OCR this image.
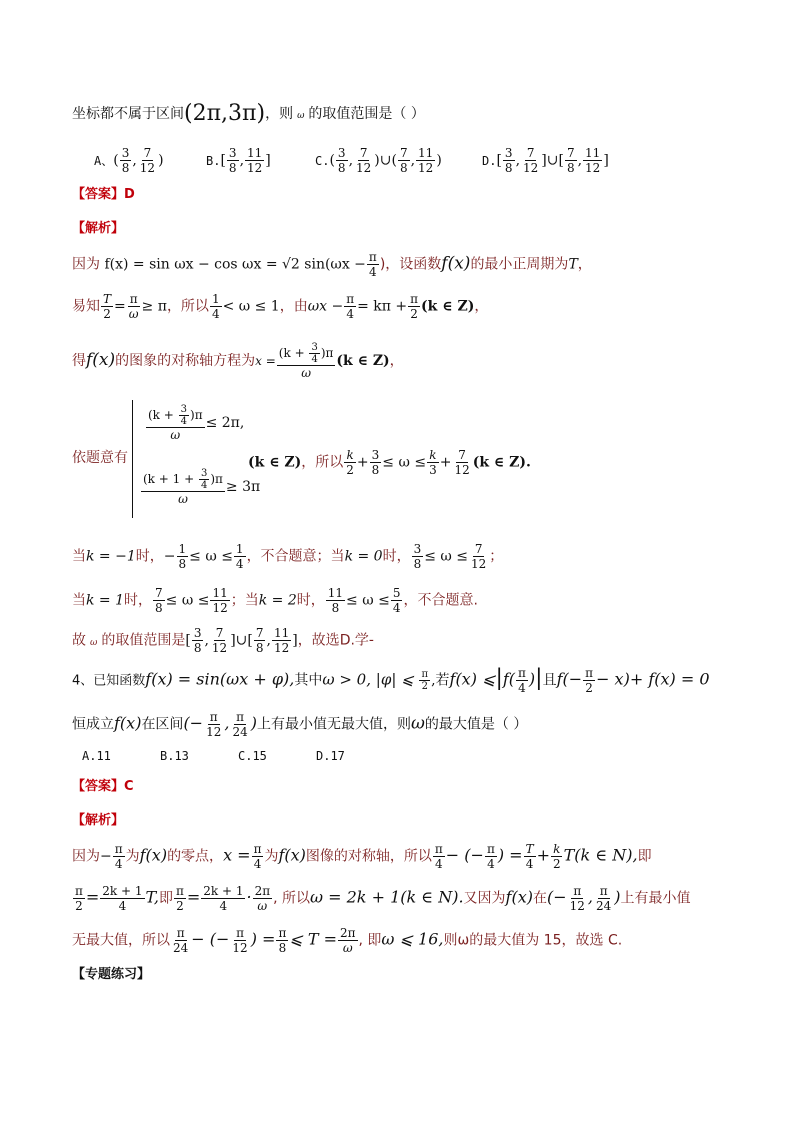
坐标都不属于区间(2π,3π)，则 ω 的取值范围是（ ）
A、( $\frac{3}{8}$ , $\frac{7}{12}$ )	$B.[ \frac{3}{8}$ , $\frac{11}{12}$ ]	$C.( \frac{3}{8}$ , $\frac{7}{12}$ )∪( $\frac{7}{8}$ , $\frac{11}{12}$ )	$D.[ \frac{3}{8}$ , $\frac{7}{12}$ ]∪[ $\frac{7}{8}$ , $\frac{11}{12}$ ]
【答案】D
【解析】
因为 f(x) = sin ωx − cos ωx = √2 $\sin(\omega x - \frac{\pi}{4}$ )，设函数f(x)的最小正周期为T，
易知 $\frac{T}{2} = \frac{\pi}{\omega} \ge \pi$，所以 $\frac{1}{4} < \omega \le 1$，由$\omega x - \frac{\pi}{4} = k\pi + \frac{\pi}{2} (k$ ∈ Z)，
得f(x)的图象的对称轴方程为$x = \frac{(k + \frac{3}{4} )\pi}{\omega} (k$ ∈ Z)，
$\frac{(k + \frac{3}{4} )\pi}{\omega} \le 2\pi$,
$\frac{(k + 1 + \frac{3}{4} )\pi}{\omega} \ge 3\pi$
依题意有	(k ∈ Z)，所以 $\frac{k}{2} + \frac{3}{8} \le \omega \le \frac{k}{3} + \frac{7}{12} (k$ ∈ Z).
当k = −1时，− $\frac{1}{8} \le \omega \le \frac{1}{4}$ ，不合题意；当k = 0时， $\frac{3}{8} \le \omega \le \frac{7}{12}$ ；
当k = 1时， $\frac{7}{8} \le \omega \le \frac{11}{12}$ ；当k = 2时， $\frac{11}{8} \le \omega \le \frac{5}{4}$ ，不合题意.
故ω 的取值范围是[ $\frac{3}{8}$ , $\frac{7}{12}$ ]∪[ $\frac{7}{8}$ , $\frac{11}{12}$ ]，故选D.学-
4、已知函数f(x) = sin(ωx + φ),其中ω > 0, |φ| ⩽ $\frac{\pi}{2}$ ,若f(x) ⩽|f( $\frac{\pi}{4}$ )|且$f(- \frac{\pi}{2} - x)+ f(x) = 0$
恒成立f(x)在区间(− $\frac{\pi}{12}$ , $\frac{\pi}{24}$ )上有最小值无最大值，则ω的最大值是（ ）
A.11	B.13	C.15	D.17
【答案】C
【解析】
因为− $\frac{\pi}{4}$ 为f(x)的零点，$x = \frac{\pi}{4}$ 为f(x)图像的对称轴，所以 $\frac{\pi}{4}$ − (− $\frac{\pi}{4}$ ) = $\frac{T}{4} + \frac{k}{2} T(k$ ∈ N),即
$\frac{\pi}{2} = \frac{2k + 1}{4} T$,即 $\frac{\pi}{2} = \frac{2k + 1}{4} \cdot \frac{2\pi}{\omega}$ , 所以ω = 2k + 1(k ∈ N).又因为f(x)在(− $\frac{\pi}{12}$ , $\frac{\pi}{24}$ )上有最小值
无最大值，所以 $\frac{\pi}{24}$ − (− $\frac{\pi}{12}$ ) = $\frac{\pi}{8}$ ⩽ $T = \frac{2\pi}{\omega}$ , 即ω ⩽ 16,则ω的最大值为 15，故选 C.
【专题练习】
